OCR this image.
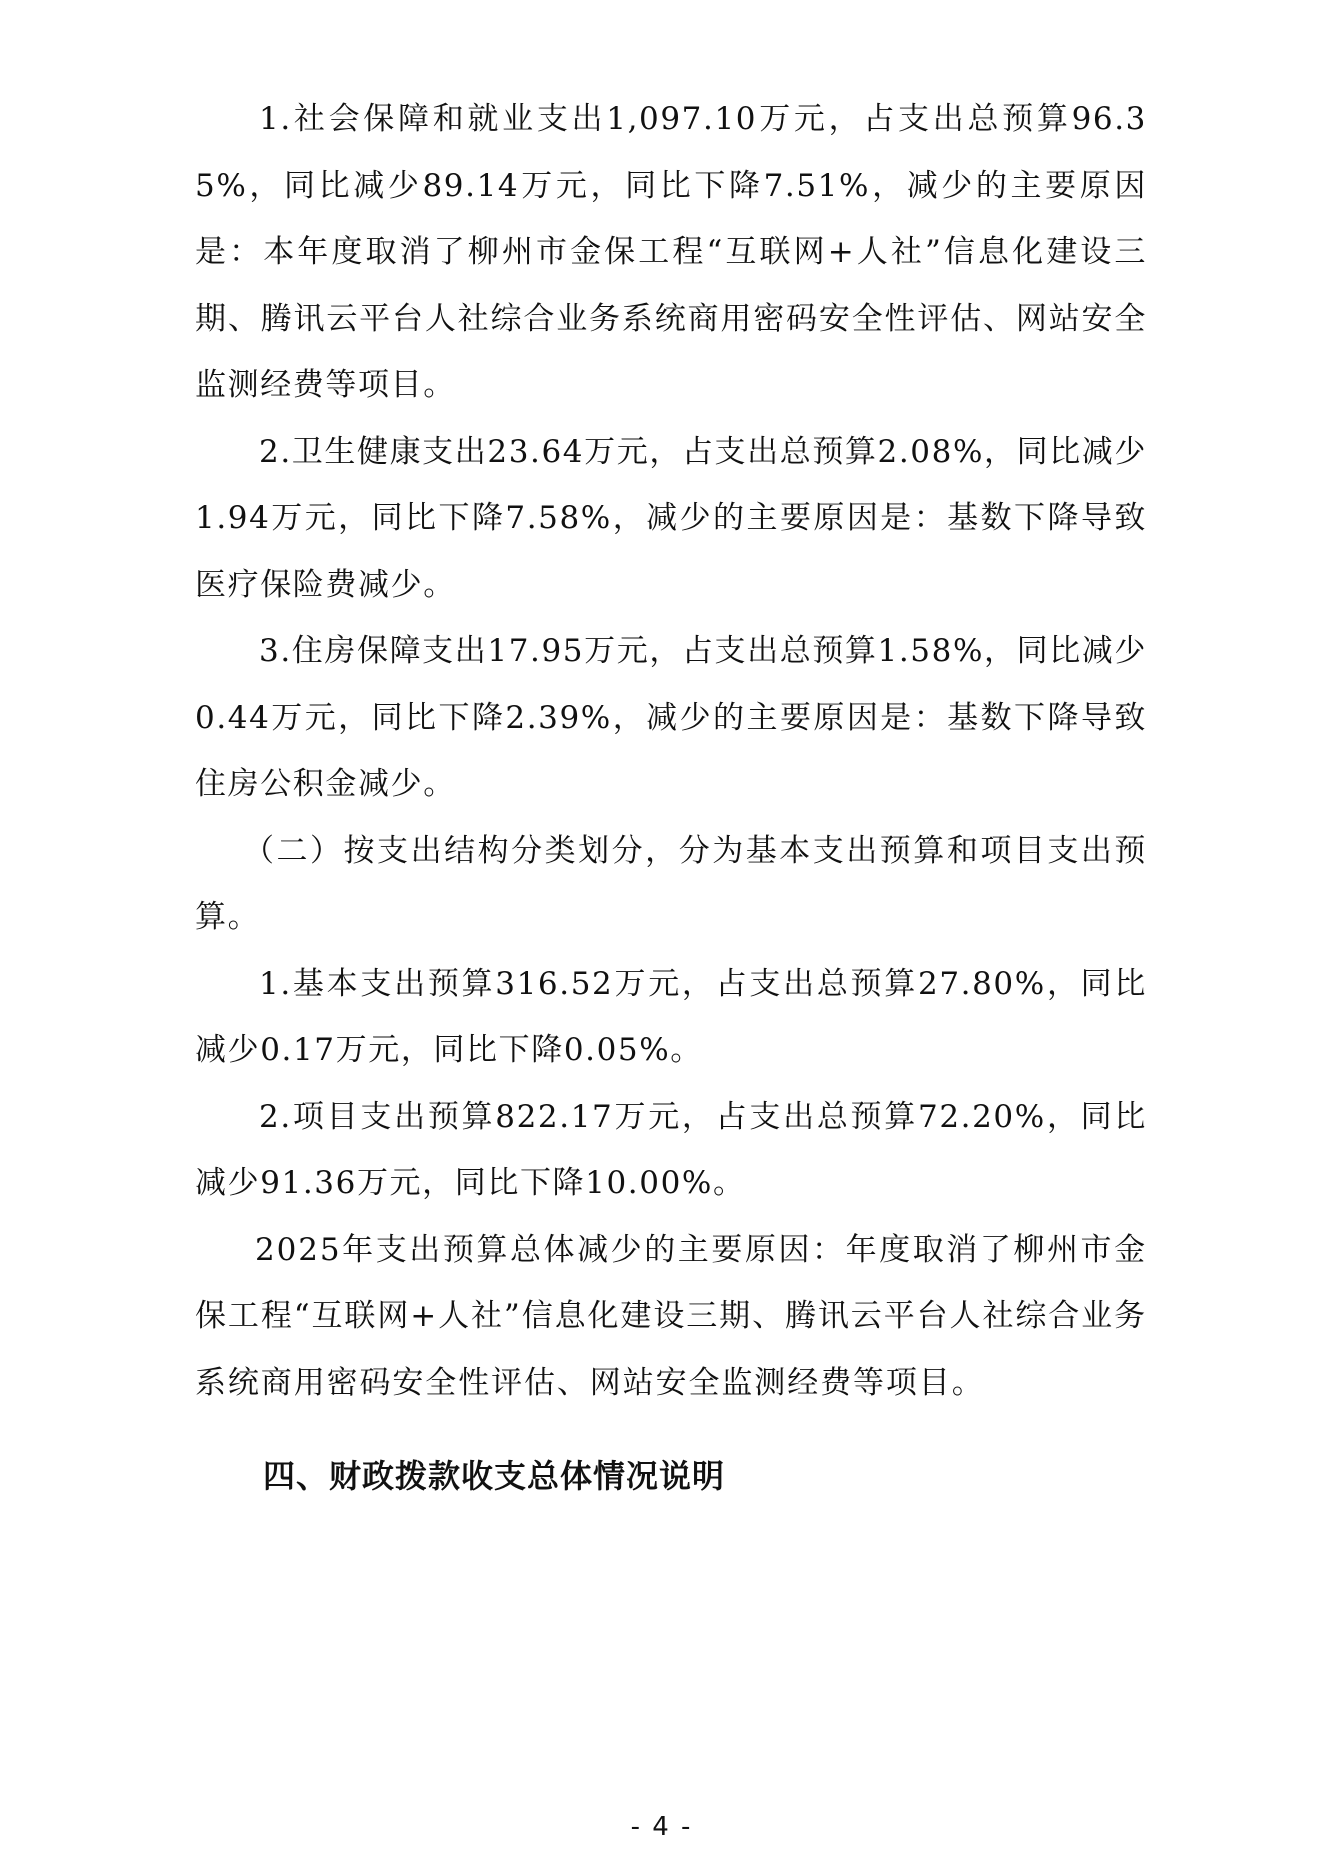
1.社会保障和就业支出1,097.10万元，占支出总预算96.35%，同比减少89.14万元，同比下降7.51%，减少的主要原因是：本年度取消了柳州市金保工程“互联网+人社”信息化建设三期、腾讯云平台人社综合业务系统商用密码安全性评估、网站安全监测经费等项目。

2.卫生健康支出23.64万元，占支出总预算2.08%，同比减少1.94万元，同比下降7.58%，减少的主要原因是：基数下降导致医疗保险费减少。

3.住房保障支出17.95万元，占支出总预算1.58%，同比减少0.44万元，同比下降2.39%，减少的主要原因是：基数下降导致住房公积金减少。

（二）按支出结构分类划分，分为基本支出预算和项目支出预算。

1.基本支出预算316.52万元，占支出总预算27.80%，同比减少0.17万元，同比下降0.05%。

2.项目支出预算822.17万元，占支出总预算72.20%，同比减少91.36万元，同比下降10.00%。

2025年支出预算总体减少的主要原因：年度取消了柳州市金保工程“互联网+人社”信息化建设三期、腾讯云平台人社综合业务系统商用密码安全性评估、网站安全监测经费等项目。

四、财政拨款收支总体情况说明
- 4 -
